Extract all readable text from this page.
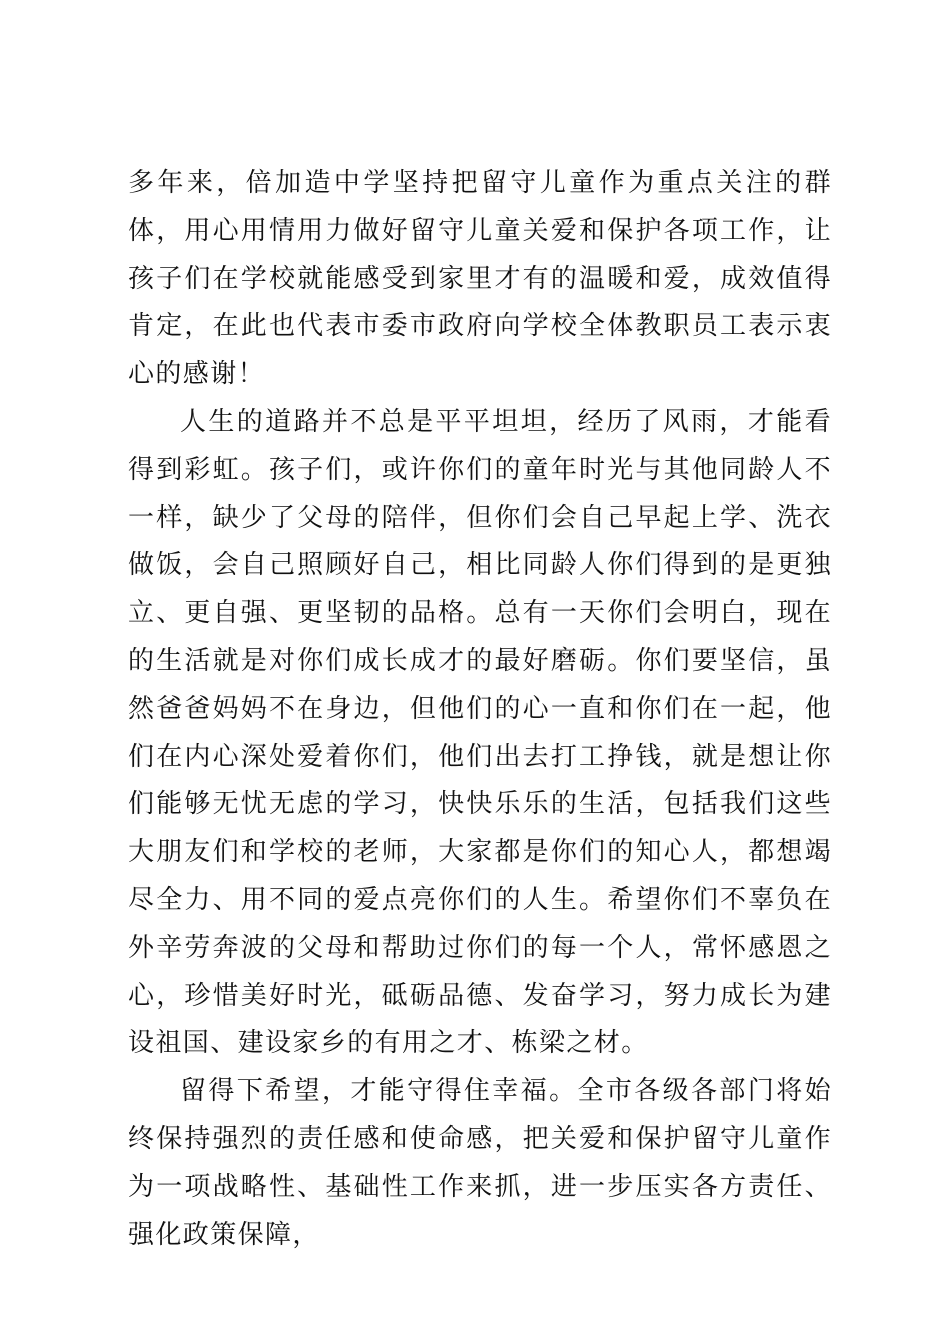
多年来，倍加造中学坚持把留守儿童作为重点关注的群体，用心用情用力做好留守儿童关爱和保护各项工作，让孩子们在学校就能感受到家里才有的温暖和爱，成效值得肯定，在此也代表市委市政府向学校全体教职员工表示衷心的感谢！

人生的道路并不总是平平坦坦，经历了风雨，才能看得到彩虹。孩子们，或许你们的童年时光与其他同龄人不一样，缺少了父母的陪伴，但你们会自己早起上学、洗衣做饭，会自己照顾好自己，相比同龄人你们得到的是更独立、更自强、更坚韧的品格。总有一天你们会明白，现在的生活就是对你们成长成才的最好磨砺。你们要坚信，虽然爸爸妈妈不在身边，但他们的心一直和你们在一起，他们在内心深处爱着你们，他们出去打工挣钱，就是想让你们能够无忧无虑的学习，快快乐乐的生活，包括我们这些大朋友们和学校的老师，大家都是你们的知心人，都想竭尽全力、用不同的爱点亮你们的人生。希望你们不辜负在外辛劳奔波的父母和帮助过你们的每一个人，常怀感恩之心，珍惜美好时光，砥砺品德、发奋学习，努力成长为建设祖国、建设家乡的有用之才、栋梁之材。

留得下希望，才能守得住幸福。全市各级各部门将始终保持强烈的责任感和使命感，把关爱和保护留守儿童作为一项战略性、基础性工作来抓，进一步压实各方责任、强化政策保障，
